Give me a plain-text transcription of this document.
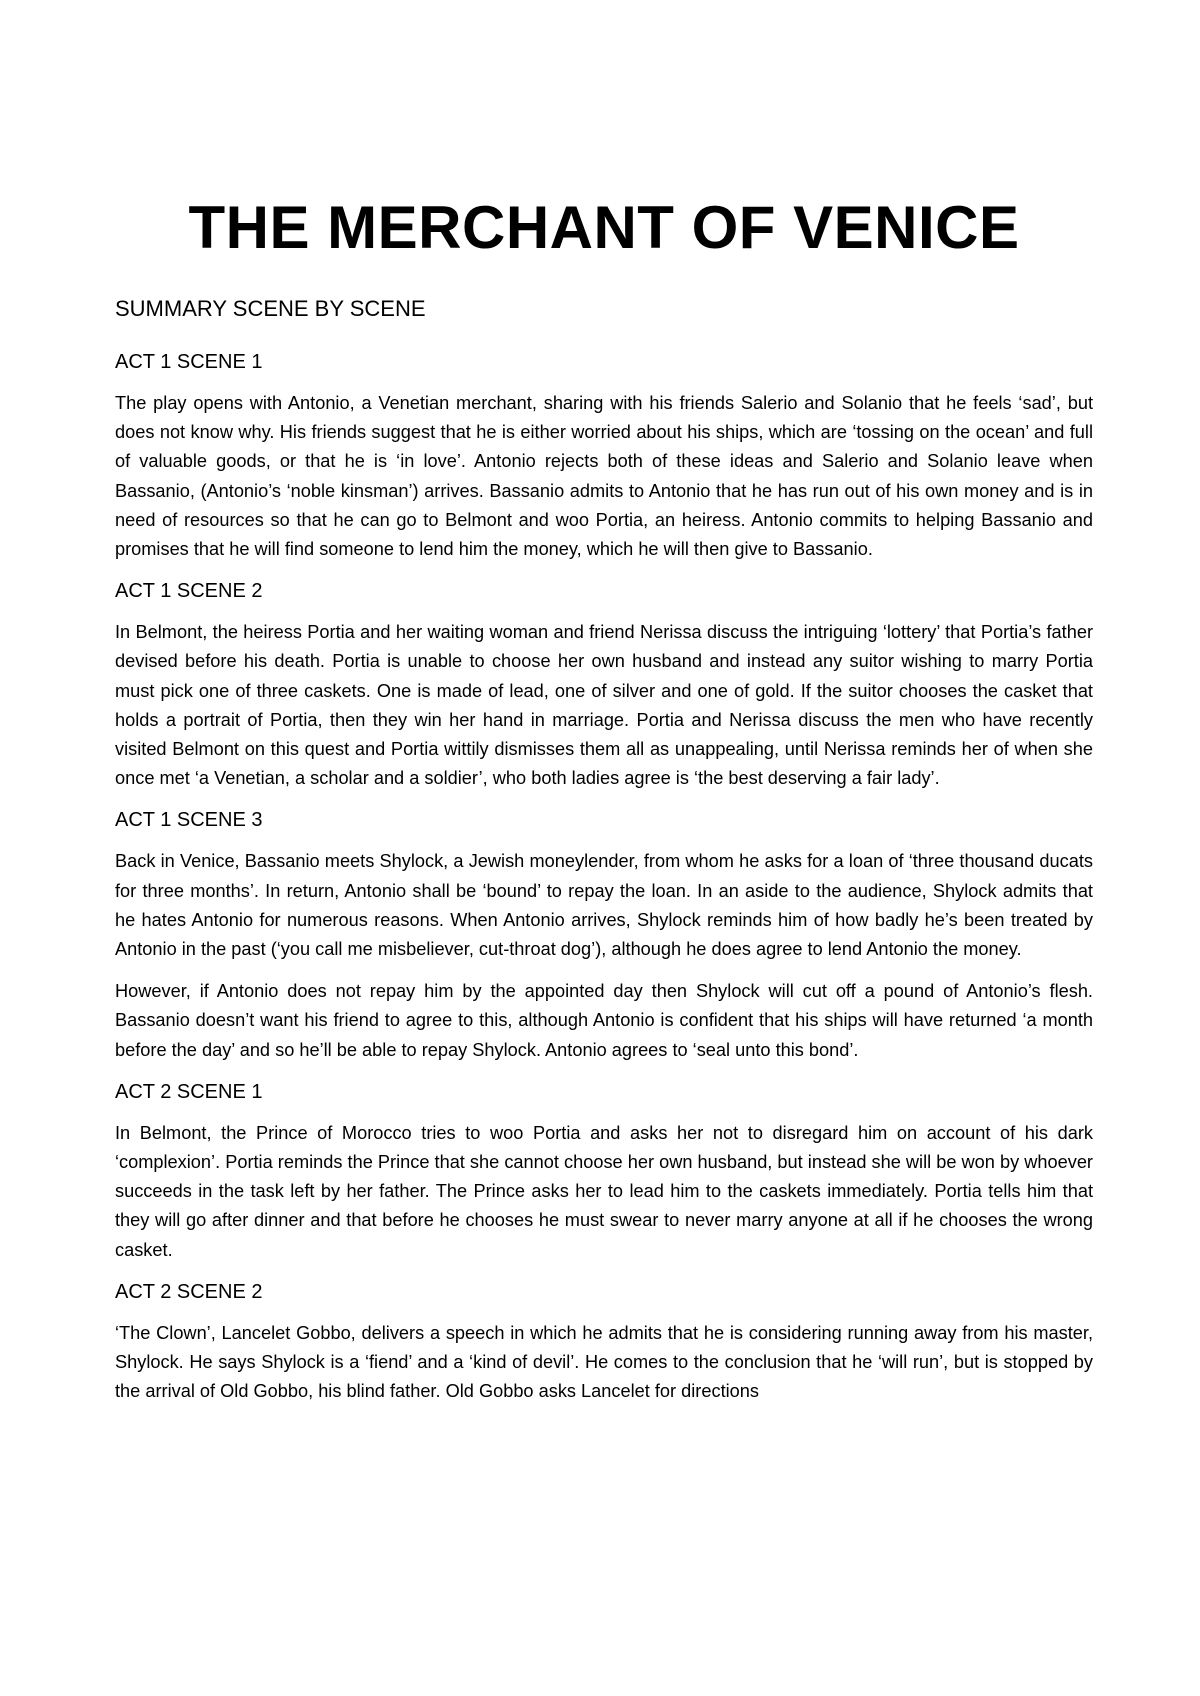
THE MERCHANT OF VENICE

SUMMARY SCENE BY SCENE

ACT 1 SCENE 1

The play opens with Antonio, a Venetian merchant, sharing with his friends Salerio and Solanio that he feels ‘sad’, but does not know why. His friends suggest that he is either worried about his ships, which are ‘tossing on the ocean’ and full of valuable goods, or that he is ‘in love’. Antonio rejects both of these ideas and Salerio and Solanio leave when Bassanio, (Antonio’s ‘noble kinsman’) arrives. Bassanio admits to Antonio that he has run out of his own money and is in need of resources so that he can go to Belmont and woo Portia, an heiress. Antonio commits to helping Bassanio and promises that he will find someone to lend him the money, which he will then give to Bassanio.

ACT 1 SCENE 2

In Belmont, the heiress Portia and her waiting woman and friend Nerissa discuss the intriguing ‘lottery’ that Portia’s father devised before his death. Portia is unable to choose her own husband and instead any suitor wishing to marry Portia must pick one of three caskets. One is made of lead, one of silver and one of gold. If the suitor chooses the casket that holds a portrait of Portia, then they win her hand in marriage. Portia and Nerissa discuss the men who have recently visited Belmont on this quest and Portia wittily dismisses them all as unappealing, until Nerissa reminds her of when she once met ‘a Venetian, a scholar and a soldier’, who both ladies agree is ‘the best deserving a fair lady’.

ACT 1 SCENE 3

Back in Venice, Bassanio meets Shylock, a Jewish moneylender, from whom he asks for a loan of ‘three thousand ducats for three months’. In return, Antonio shall be ‘bound’ to repay the loan. In an aside to the audience, Shylock admits that he hates Antonio for numerous reasons. When Antonio arrives, Shylock reminds him of how badly he’s been treated by Antonio in the past (‘you call me misbeliever, cut-throat dog’), although he does agree to lend Antonio the money.

However, if Antonio does not repay him by the appointed day then Shylock will cut off a pound of Antonio’s flesh. Bassanio doesn’t want his friend to agree to this, although Antonio is confident that his ships will have returned ‘a month before the day’ and so he’ll be able to repay Shylock. Antonio agrees to ‘seal unto this bond’.

ACT 2 SCENE 1

In Belmont, the Prince of Morocco tries to woo Portia and asks her not to disregard him on account of his dark ‘complexion’. Portia reminds the Prince that she cannot choose her own husband, but instead she will be won by whoever succeeds in the task left by her father. The Prince asks her to lead him to the caskets immediately. Portia tells him that they will go after dinner and that before he chooses he must swear to never marry anyone at all if he chooses the wrong casket.

ACT 2 SCENE 2

‘The Clown’, Lancelet Gobbo, delivers a speech in which he admits that he is considering running away from his master, Shylock. He says Shylock is a ‘fiend’ and a ‘kind of devil’. He comes to the conclusion that he ‘will run’, but is stopped by the arrival of Old Gobbo, his blind father. Old Gobbo asks Lancelet for directions
